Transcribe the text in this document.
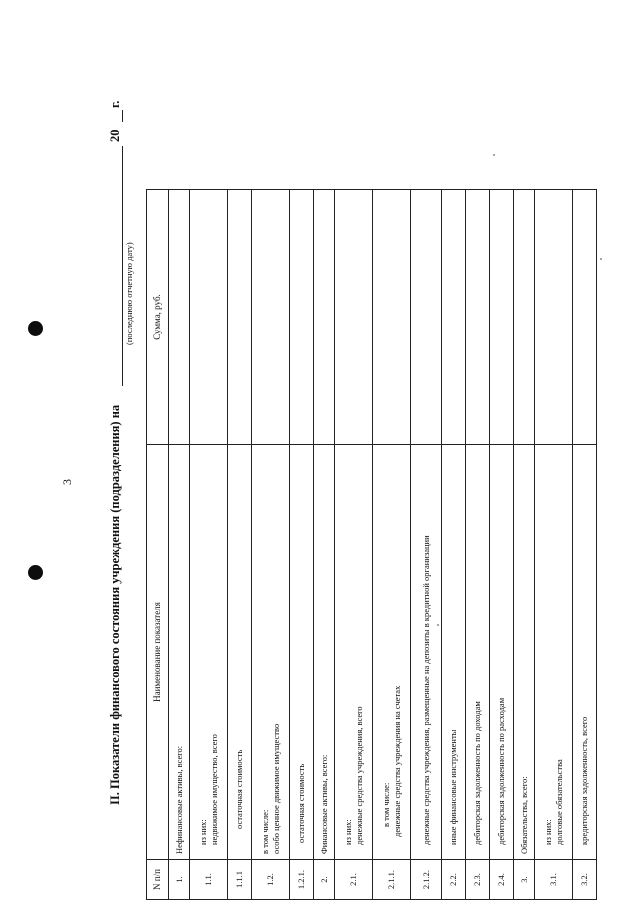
3	II. Показатели финансового состояния учреждения (подразделения) на
20
г.
(последнюю отчетную дату)
N п/п	Наименование показателя	Сумма, руб.
1.	Нефинансовые активы, всего:	
1.1.	из них: недвижимое имущество, всего	

1.1.1	остаточная стоимость	
1.2.	в том числе: особо ценное движимое имущество	

1.2.1.	остаточная стоимость	
2.	Финансовые активы, всего:	
2.1.	из них: денежные средства учреждения, всего	

2.1.1.	в том числе: денежные средства учреждения на счетах	

2.1.2.	денежные средства учреждения, размещенные на депозиты в кредитной организации	
2.2.	иные финансовые инструменты	
2.3.	дебиторская задолженность по доходам	
2.4.	дебиторская задолженность по расходам	
3.	Обязательства, всего:	
3.1.	из них: долговые обязательства	

3.2.	кредиторская задолженность, всего	
